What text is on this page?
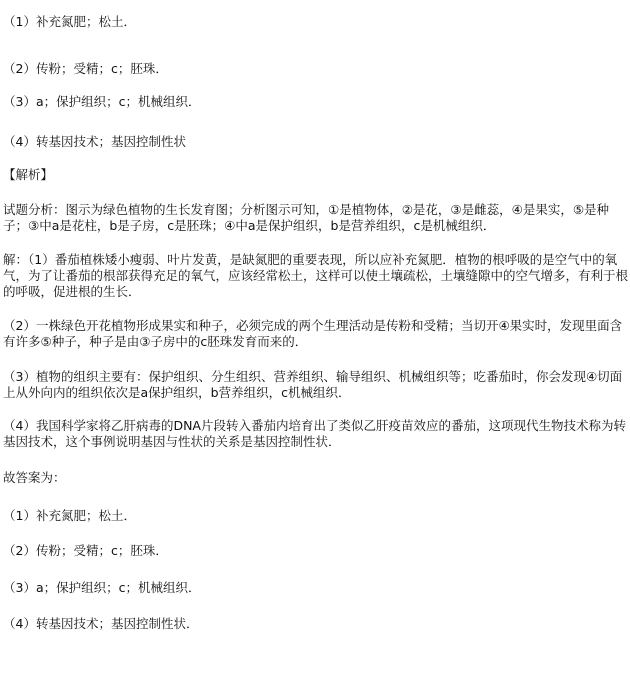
（1）补充氮肥；松土．
（2）传粉；受精；c；胚珠．
（3）a；保护组织；c；机械组织．
（4）转基因技术；基因控制性状
【解析】
试题分析：图示为绿色植物的生长发育图；分析图示可知，①是植物体，②是花，③是雌蕊，④是果实，⑤是种子；③中a是花柱，b是子房，c是胚珠；④中a是保护组织，b是营养组织，c是机械组织．
解：（1）番茄植株矮小瘦弱、叶片发黄，是缺氮肥的重要表现，所以应补充氮肥．植物的根呼吸的是空气中的氧气，为了让番茄的根部获得充足的氧气，应该经常松土，这样可以使土壤疏松，土壤缝隙中的空气增多，有利于根的呼吸，促进根的生长．
（2）一株绿色开花植物形成果实和种子，必须完成的两个生理活动是传粉和受精；当切开④果实时，发现里面含有许多⑤种子，种子是由③子房中的c胚珠发育而来的．
（3）植物的组织主要有：保护组织、分生组织、营养组织、输导组织、机械组织等；吃番茄时，你会发现④切面上从外向内的组织依次是a保护组织，b营养组织，c机械组织．
（4）我国科学家将乙肝病毒的DNA片段转入番茄内培育出了类似乙肝疫苗效应的番茄，这项现代生物技术称为转基因技术，这个事例说明基因与性状的关系是基因控制性状．
故答案为：
（1）补充氮肥；松土．
（2）传粉；受精；c；胚珠．
（3）a；保护组织；c；机械组织．
（4）转基因技术；基因控制性状．
